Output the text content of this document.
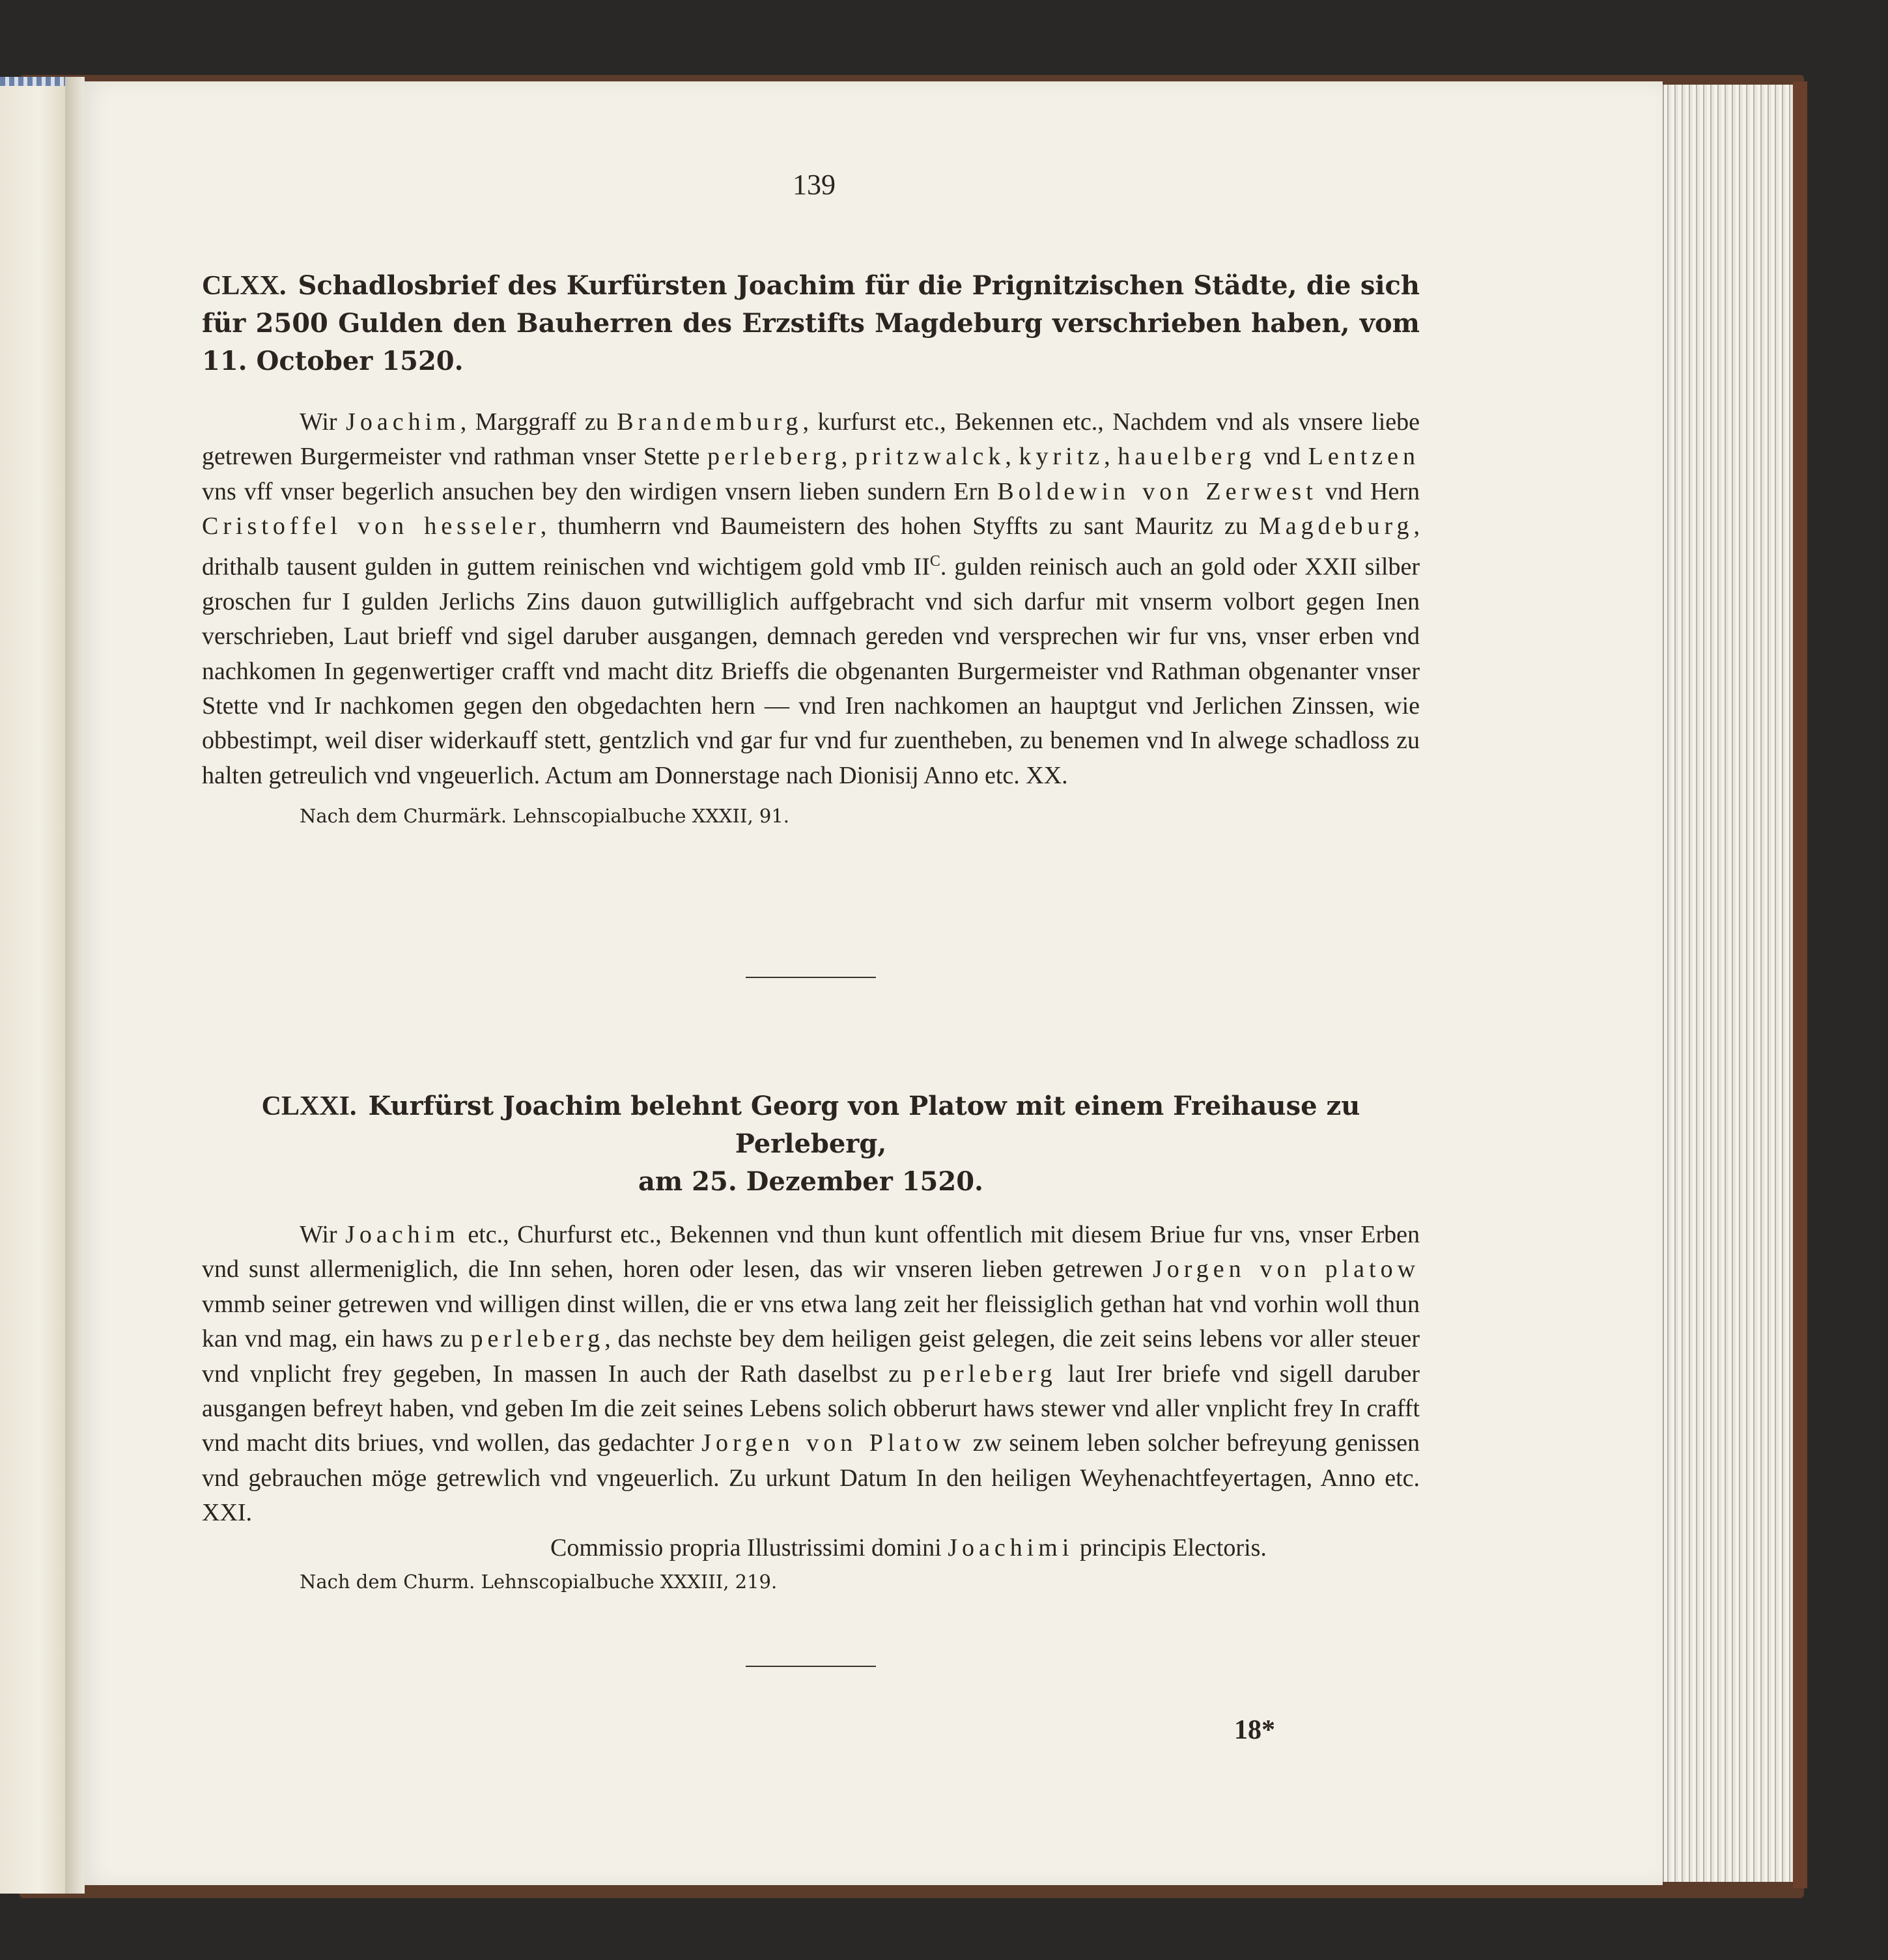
139
CLXX. Schadlosbrief des Kurfürsten Joachim für die Prignitzischen Städte, die sich für 2500 Gulden den Bauherren des Erzstifts Magdeburg verschrieben haben, vom 11. October 1520.

Wir Joachim, Marggraff zu Brandemburg, kurfurst etc., Bekennen etc., Nachdem vnd als vnsere liebe getrewen Burgermeister vnd rathman vnser Stette perleberg, pritzwalck, kyritz, hauelberg vnd Lentzen vns vff vnser begerlich ansuchen bey den wirdigen vnsern lieben sundern Ern Boldewin von Zerwest vnd Hern Cristoffel von hesseler, thumherrn vnd Baumeistern des hohen Styffts zu sant Mauritz zu Magdeburg, drithalb tausent gulden in guttem reinischen vnd wichtigem gold vmb $II^C$. gulden reinisch auch an gold oder XXII silber groschen fur I gulden Jerlichs Zins dauon gutwilliglich auffgebracht vnd sich darfur mit vnserm volbort gegen Inen verschrieben, Laut brieff vnd sigel daruber ausgangen, demnach gereden vnd versprechen wir fur vns, vnser erben vnd nachkomen In gegenwertiger crafft vnd macht ditz Brieffs die obgenanten Burgermeister vnd Rathman obgenanter vnser Stette vnd Ir nachkomen gegen den obgedachten hern — vnd Iren nachkomen an hauptgut vnd Jerlichen Zinssen, wie obbestimpt, weil diser widerkauff stett, gentzlich vnd gar fur vnd fur zuentheben, zu benemen vnd In alwege schadloss zu halten getreulich vnd vngeuerlich. Actum am Donnerstage nach Dionisij Anno etc. XX.

Nach dem Churmärk. Lehnscopialbuche XXXII, 91.

CLXXI. Kurfürst Joachim belehnt Georg von Platow mit einem Freihause zu Perleberg,
am 25. Dezember 1520.

Wir Joachim etc., Churfurst etc., Bekennen vnd thun kunt offentlich mit diesem Briue fur vns, vnser Erben vnd sunst allermeniglich, die Inn sehen, horen oder lesen, das wir vnseren lieben getrewen Jorgen von platow vmmb seiner getrewen vnd willigen dinst willen, die er vns etwa lang zeit her fleissiglich gethan hat vnd vorhin woll thun kan vnd mag, ein haws zu perleberg, das nechste bey dem heiligen geist gelegen, die zeit seins lebens vor aller steuer vnd vnplicht frey gegeben, In massen In auch der Rath daselbst zu perleberg laut Irer briefe vnd sigell daruber ausgangen befreyt haben, vnd geben Im die zeit seines Lebens solich obberurt haws stewer vnd aller vnplicht frey In crafft vnd macht dits briues, vnd wollen, das gedachter Jorgen von Platow zw seinem leben solcher befreyung genissen vnd gebrauchen möge getrewlich vnd vngeuerlich. Zu urkunt Datum In den heiligen Weyhenachtfeyertagen, Anno etc. XXI.

Commissio propria Illustrissimi domini Joachimi principis Electoris.

Nach dem Churm. Lehnscopialbuche XXXIII, 219.

18*
